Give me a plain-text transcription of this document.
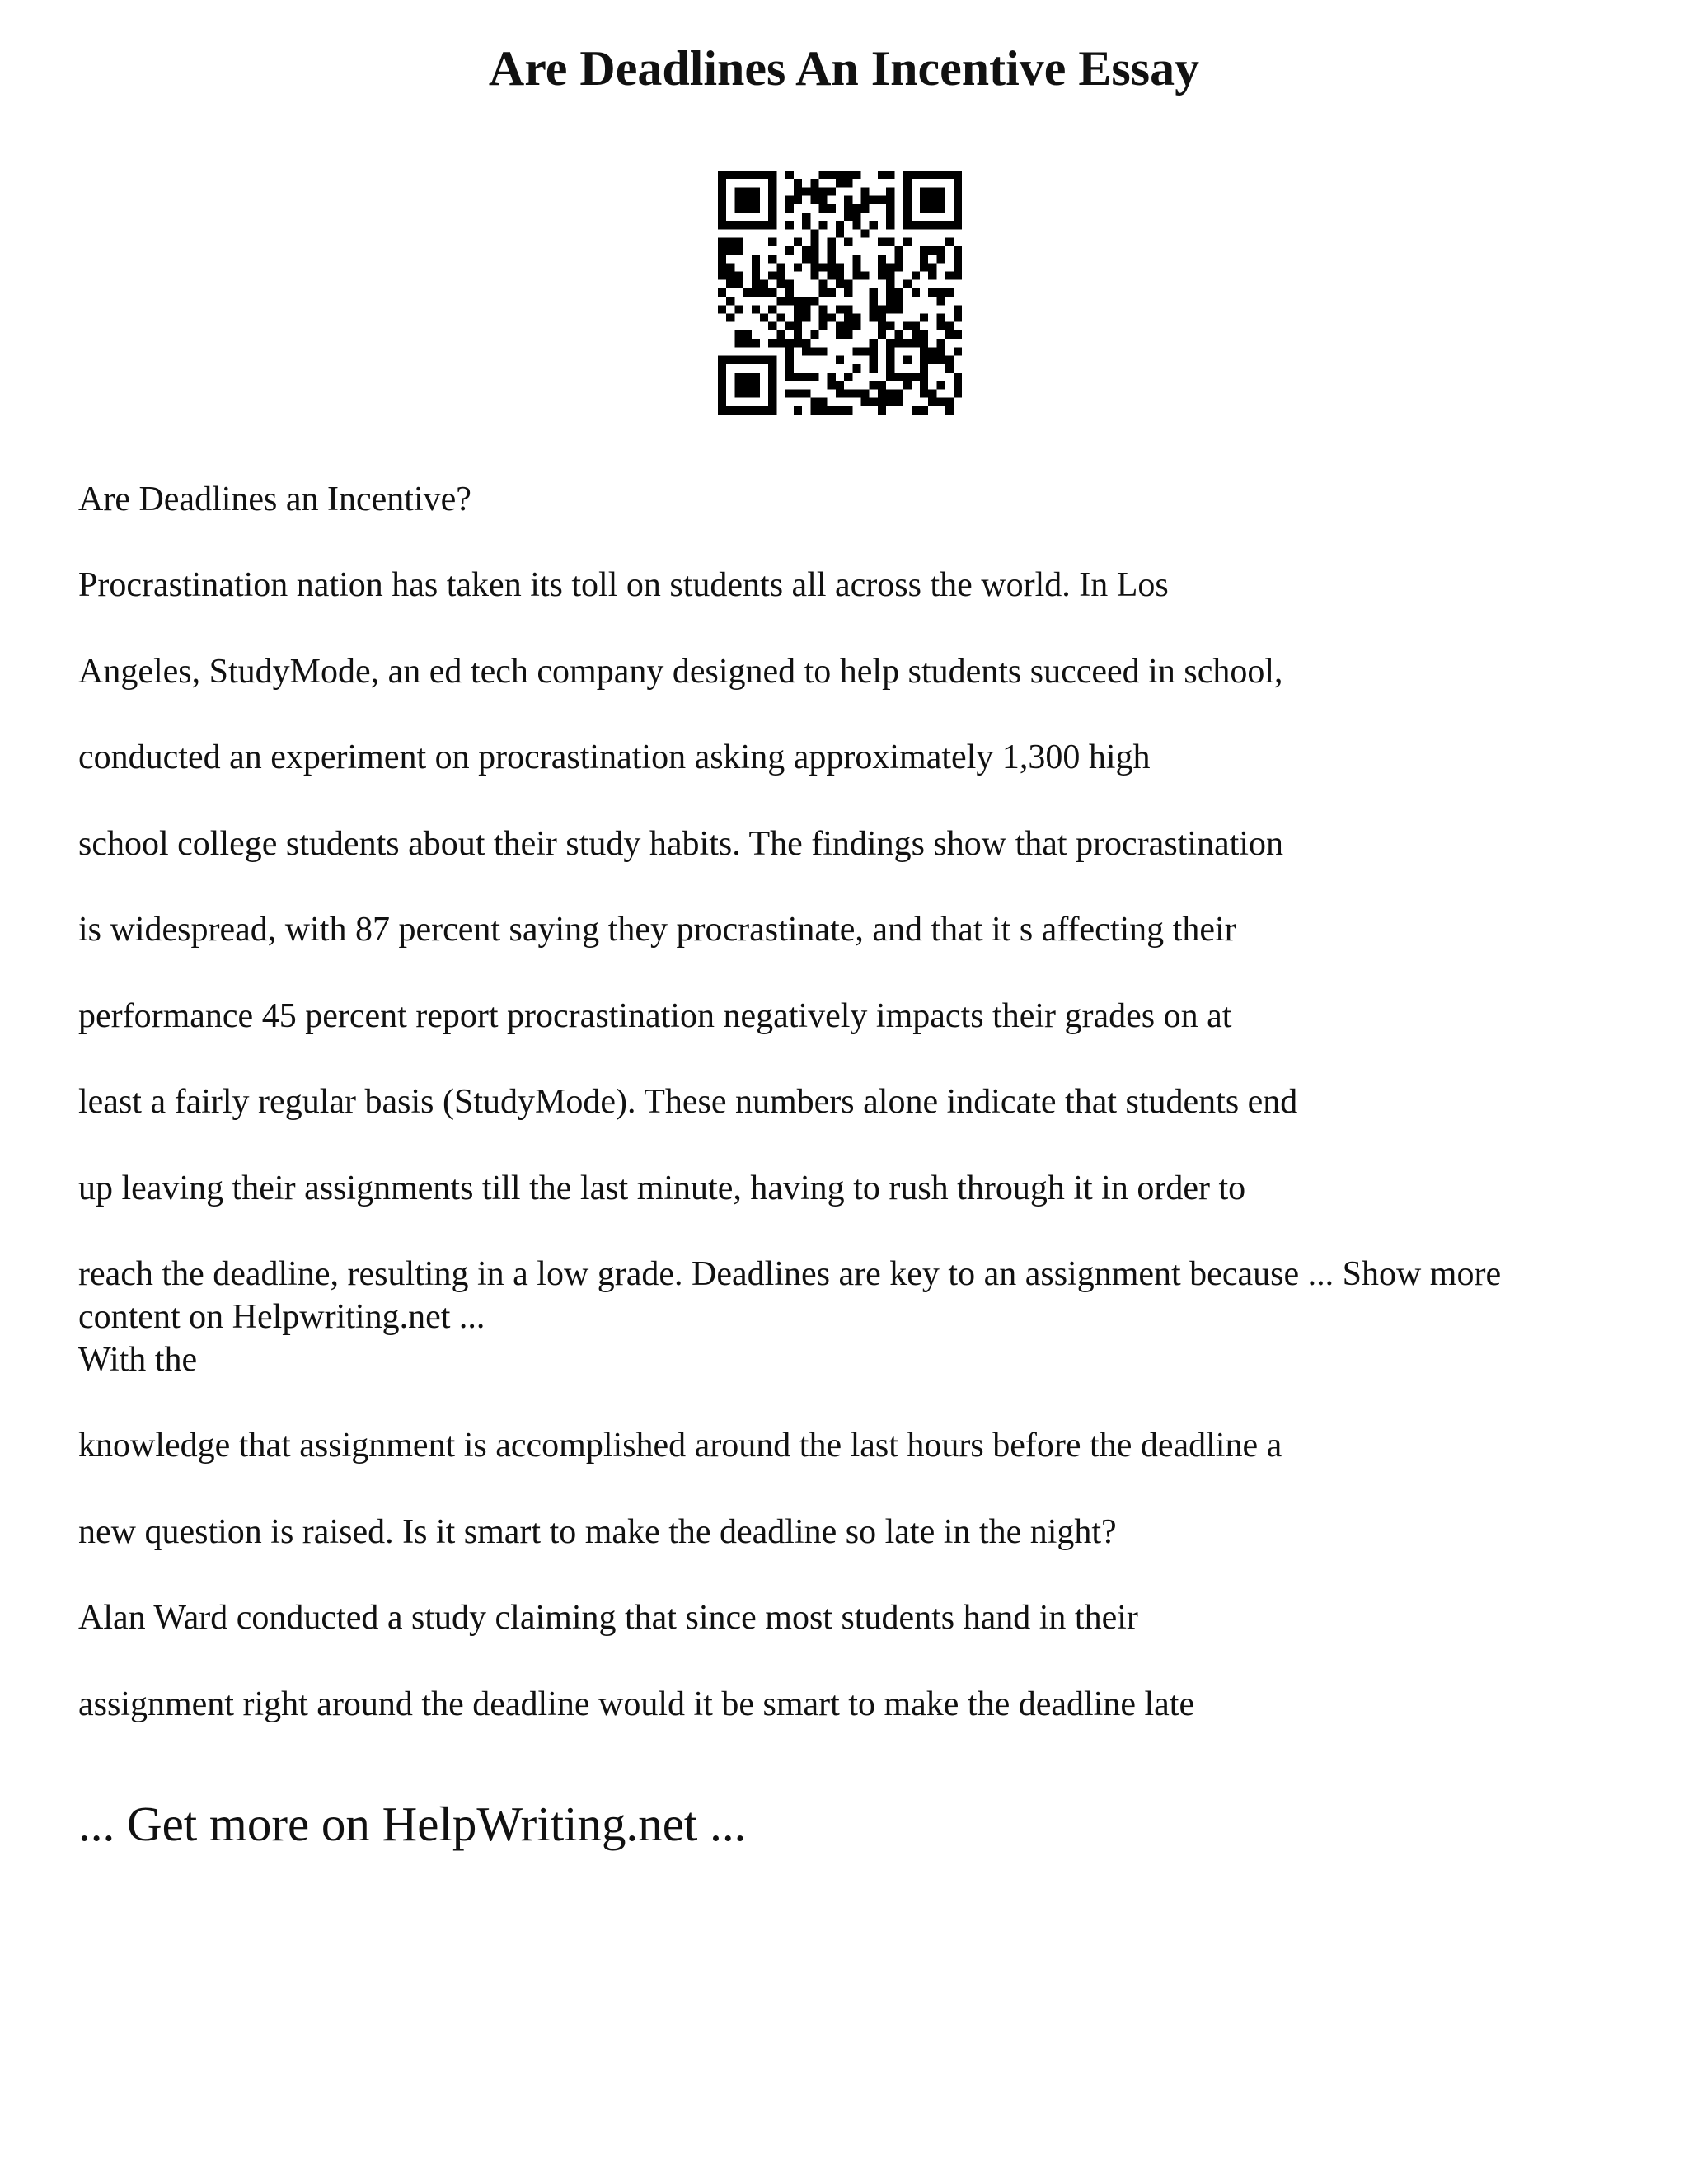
Are Deadlines An Incentive Essay

Are Deadlines an Incentive?

Procrastination nation has taken its toll on students all across the world. In Los

Angeles, StudyMode, an ed tech company designed to help students succeed in school,

conducted an experiment on procrastination asking approximately 1,300 high

school college students about their study habits. The findings show that procrastination

is widespread, with 87 percent saying they procrastinate, and that it s affecting their

performance 45 percent report procrastination negatively impacts their grades on at

least a fairly regular basis (StudyMode). These numbers alone indicate that students end

up leaving their assignments till the last minute, having to rush through it in order to

reach the deadline, resulting in a low grade. Deadlines are key to an assignment because ... Show more

content on Helpwriting.net ...

With the

knowledge that assignment is accomplished around the last hours before the deadline a

new question is raised. Is it smart to make the deadline so late in the night?

Alan Ward conducted a study claiming that since most students hand in their

assignment right around the deadline would it be smart to make the deadline late

... Get more on HelpWriting.net ...
